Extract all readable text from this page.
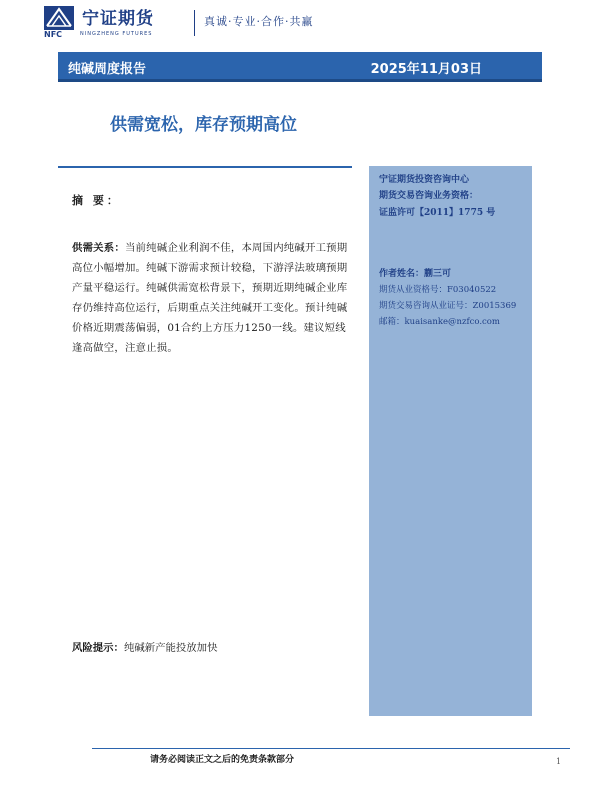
宁证期货
NFC	NINGZHENG FUTURES
真诚·专业·合作·共赢
纯碱周度报告	2025年11月03日
供需宽松，库存预期高位
摘 要：
供需关系：当前纯碱企业利润不佳，本周国内纯碱开工预期高位小幅增加。纯碱下游需求预计较稳，下游浮法玻璃预期产量平稳运行。纯碱供需宽松背景下，预期近期纯碱企业库存仍维持高位运行，后期重点关注纯碱开工变化。预计纯碱价格近期震荡偏弱，01合约上方压力1250一线。建议短线逢高做空，注意止损。
风险提示：纯碱新产能投放加快
宁证期货投资咨询中心
期货交易咨询业务资格：
证监许可【2011】1775 号
作者姓名：蒯三可
期货从业资格号：F03040522
期货交易咨询从业证号：Z0015369
邮箱：kuaisanke@nzfco.com
请务必阅读正文之后的免责条款部分	1
